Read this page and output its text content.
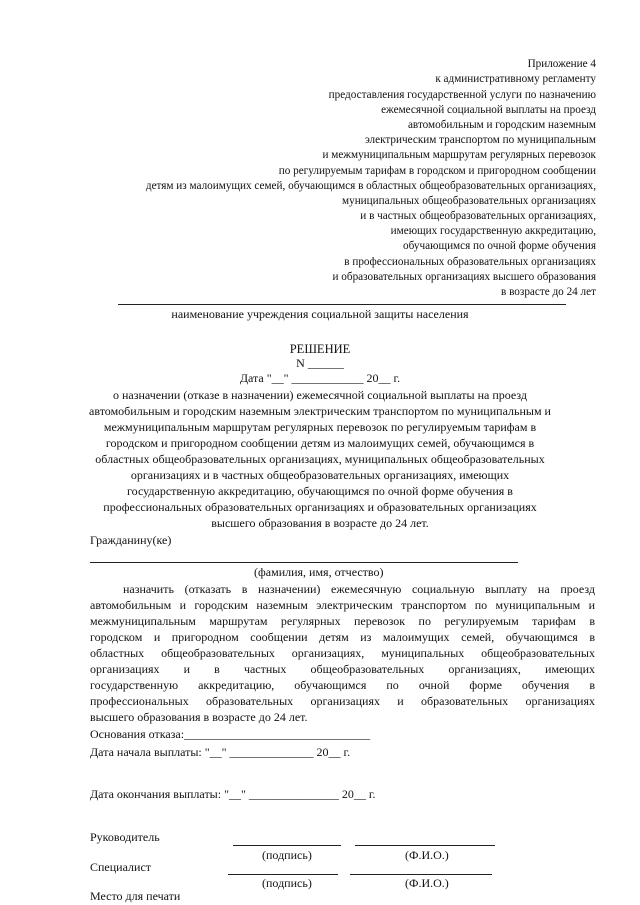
Приложение 4
к административному регламенту
предоставления государственной услуги по назначению
ежемесячной социальной выплаты на проезд
автомобильным и городским наземным
электрическим транспортом по муниципальным
и межмуниципальным маршрутам регулярных перевозок
по регулируемым тарифам в городском и пригородном сообщении
детям из малоимущих семей, обучающимся в областных общеобразовательных организациях,
муниципальных общеобразовательных организациях
и в частных общеобразовательных организациях,
имеющих государственную аккредитацию,
обучающимся по очной форме обучения
в профессиональных образовательных организациях
и образовательных организациях высшего образования
в возрасте до 24 лет
наименование учреждения социальной защиты населения
РЕШЕНИЕ
N ______
Дата "__" ____________ 20__ г.
о назначении (отказе в назначении) ежемесячной социальной выплаты на проезд
автомобильным и городским наземным электрическим транспортом по муниципальным и
межмуниципальным маршрутам регулярных перевозок по регулируемым тарифам в
городском и пригородном сообщении детям из малоимущих семей, обучающимся в
областных общеобразовательных организациях, муниципальных общеобразовательных
организациях и в частных общеобразовательных организациях, имеющих
государственную аккредитацию, обучающимся по очной форме обучения в
профессиональных образовательных организациях и образовательных организациях
высшего образования в возрасте до 24 лет.
Гражданину(ке)
(фамилия, имя, отчество)
назначить (отказать в назначении) ежемесячную социальную выплату на проезд
автомобильным и городским наземным электрическим транспортом по муниципальным и
межмуниципальным маршрутам регулярных перевозок по регулируемым тарифам в
городском и пригородном сообщении детям из малоимущих семей, обучающимся в
областных общеобразовательных организациях, муниципальных общеобразовательных
организациях и в частных общеобразовательных организациях, имеющих
государственную аккредитацию, обучающимся по очной форме обучения в
профессиональных образовательных организациях и образовательных организациях
высшего образования в возрасте до 24 лет.
Основания отказа:_______________________________
Дата начала выплаты: "__" ______________ 20__ г.
Дата окончания выплаты: "__" _______________ 20__ г.
Руководитель
(подпись)	(Ф.И.О.)
Специалист
(подпись)	(Ф.И.О.)
Место для печати
